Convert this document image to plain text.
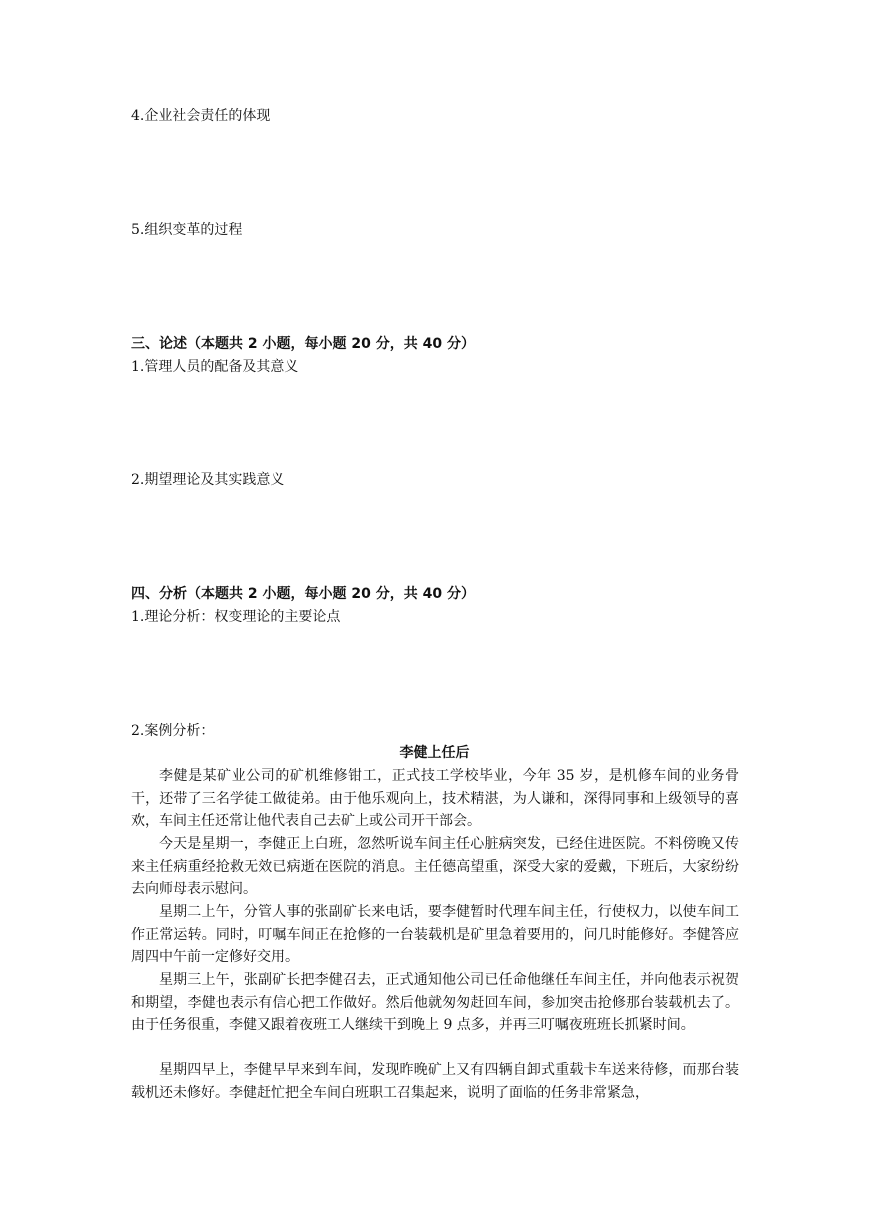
4.企业社会责任的体现
5.组织变革的过程
三、论述（本题共 2 小题，每小题 20 分，共 40 分）
1.管理人员的配备及其意义
2.期望理论及其实践意义
四、分析（本题共 2 小题，每小题 20 分，共 40 分）
1.理论分析：权变理论的主要论点
2.案例分析：
李健上任后
李健是某矿业公司的矿机维修钳工，正式技工学校毕业，今年 35 岁，是机修车间的业务骨干，还带了三名学徒工做徒弟。由于他乐观向上，技术精湛，为人谦和，深得同事和上级领导的喜欢，车间主任还常让他代表自己去矿上或公司开干部会。
今天是星期一，李健正上白班，忽然听说车间主任心脏病突发，已经住进医院。不料傍晚又传来主任病重经抢救无效已病逝在医院的消息。主任德高望重，深受大家的爱戴，下班后，大家纷纷去向师母表示慰问。
星期二上午，分管人事的张副矿长来电话，要李健暂时代理车间主任，行使权力，以使车间工作正常运转。同时，叮嘱车间正在抢修的一台装载机是矿里急着要用的，问几时能修好。李健答应周四中午前一定修好交用。
星期三上午，张副矿长把李健召去，正式通知他公司已任命他继任车间主任，并向他表示祝贺和期望，李健也表示有信心把工作做好。然后他就匆匆赶回车间，参加突击抢修那台装载机去了。由于任务很重，李健又跟着夜班工人继续干到晚上 9 点多，并再三叮嘱夜班班长抓紧时间。
星期四早上，李健早早来到车间，发现昨晚矿上又有四辆自卸式重载卡车送来待修，而那台装载机还未修好。李健赶忙把全车间白班职工召集起来，说明了面临的任务非常紧急，
